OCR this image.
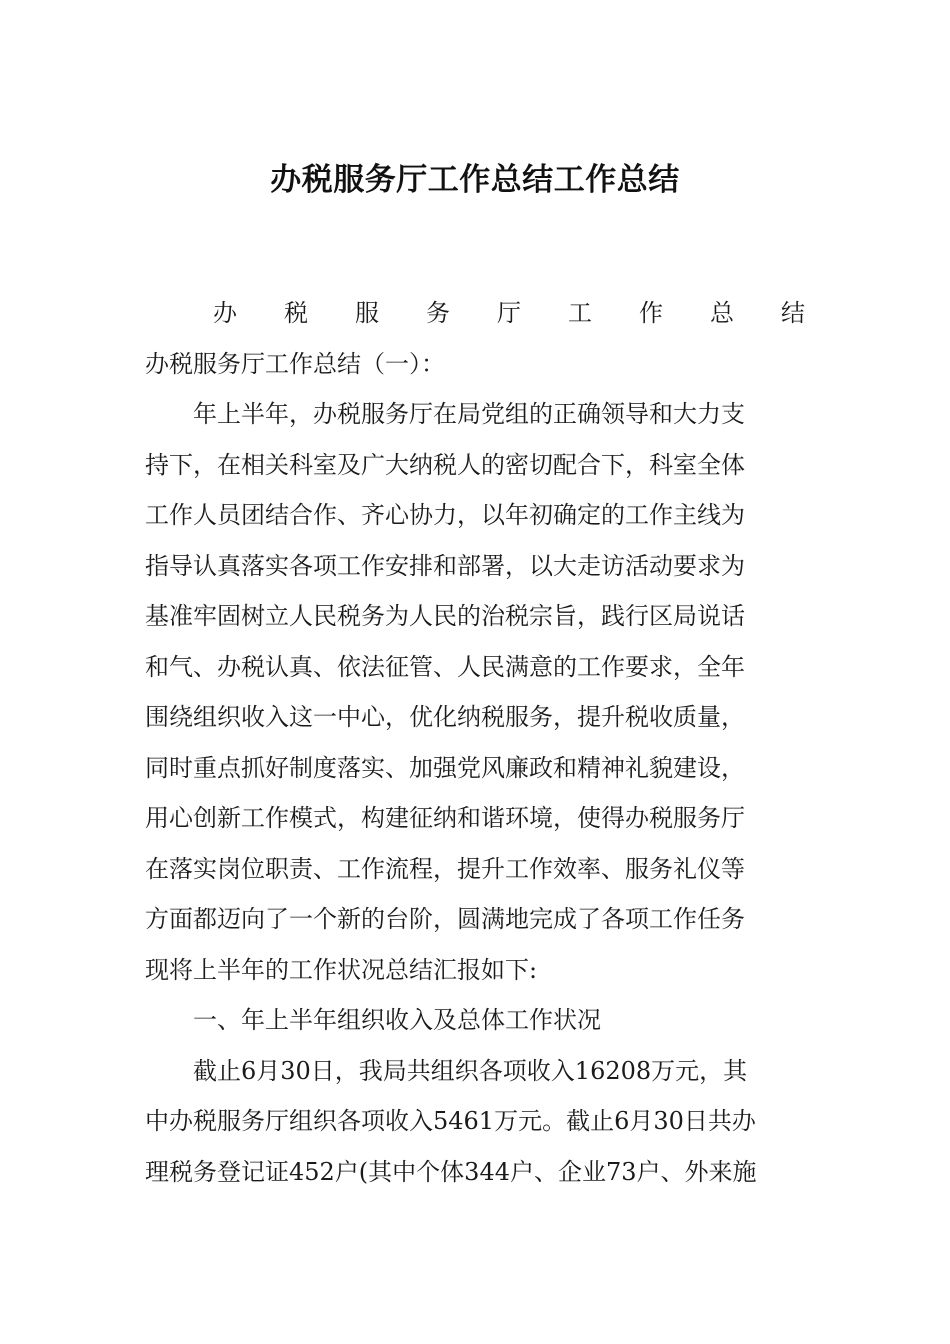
办税服务厅工作总结工作总结
办 税 服 务 厅 工 作 总 结
办税服务厅工作总结（一）：
年上半年，办税服务厅在局党组的正确领导和大力支
持下，在相关科室及广大纳税人的密切配合下，科室全体
工作人员团结合作、齐心协力，以年初确定的工作主线为
指导认真落实各项工作安排和部署，以大走访活动要求为
基准牢固树立人民税务为人民的治税宗旨，践行区局说话
和气、办税认真、依法征管、人民满意的工作要求，全年
围绕组织收入这一中心，优化纳税服务，提升税收质量，
同时重点抓好制度落实、加强党风廉政和精神礼貌建设，
用心创新工作模式，构建征纳和谐环境，使得办税服务厅
在落实岗位职责、工作流程，提升工作效率、服务礼仪等
方面都迈向了一个新的台阶，圆满地完成了各项工作任务
现将上半年的工作状况总结汇报如下:
一、年上半年组织收入及总体工作状况
截止6月30日，我局共组织各项收入16208万元，其
中办税服务厅组织各项收入5461万元。截止6月30日共办
理税务登记证452户(其中个体344户、企业73户、外来施
